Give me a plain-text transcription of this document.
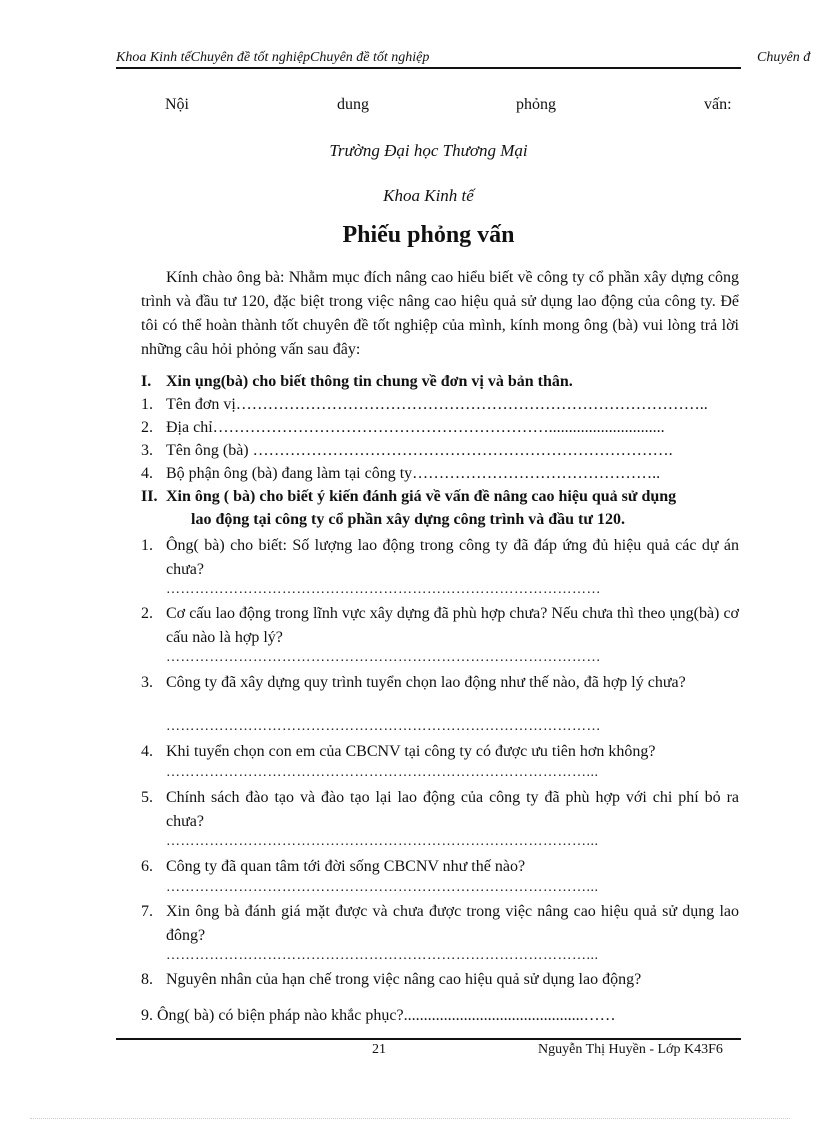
Khoa Kinh tếChuyên đề tốt nghiệpChuyên đề tốt nghiệp	Chuyên đ
Nội	dung	phỏng	vấn:
Trường Đại học Thương Mại
Khoa Kinh tế
Phiếu phỏng vấn
Kính chào ông bà: Nhằm mục đích nâng cao hiểu biết về công ty cổ phần xây dựng công trình và đầu tư 120, đặc biệt trong việc nâng cao hiệu quả sử dụng lao động của công ty. Để tôi có thể hoàn thành tốt chuyên đề tốt nghiệp của mình, kính mong ông (bà) vui lòng trả lời những câu hỏi phỏng vấn sau đây:
I. Xin ụng(bà) cho biết thông tin chung về đơn vị và bản thân.
1. Tên đơn vị……………………………………………………………………………..
2. Địa chỉ……………………………………………………….............................
3. Tên ông (bà) …………………………………………………………………….
4. Bộ phận ông (bà) đang làm tại công ty………………………………………..
II. Xin ông ( bà) cho biết ý kiến đánh giá về vấn đề nâng cao hiệu quả sử dụng
lao động tại công ty cổ phần xây dựng công trình và đầu tư 120.
1. Ông( bà) cho biết: Số lượng lao động trong công ty đã đáp ứng đủ hiệu quả các dự án chưa?
………………………………………………………………………………
2. Cơ cấu lao động trong lĩnh vực xây dựng đã phù hợp chưa? Nếu chưa thì theo ụng(bà) cơ cấu nào là hợp lý?
………………………………………………………………………………
3. Công ty đã xây dựng quy trình tuyển chọn lao động như thế nào, đã hợp lý chưa?
………………………………………………………………………………
4. Khi tuyển chọn con em của CBCNV tại công ty có được ưu tiên hơn không?
……………………………………………………………………………...
5. Chính sách đào tạo và đào tạo lại lao động của công ty đã phù hợp với chi phí bỏ ra chưa?
……………………………………………………………………………...
6. Công ty đã quan tâm tới đời sống CBCNV như thế nào?
……………………………………………………………………………...
7. Xin ông bà đánh giá mặt được và chưa được trong việc nâng cao hiệu quả sử dụng lao đông?
……………………………………………………………………………...
8. Nguyên nhân của hạn chế trong việc nâng cao hiệu quả sử dụng lao động?
9. Ông( bà) có biện pháp nào khắc phục?.............................................……
21	Nguyễn Thị Huyền - Lớp K43F6
